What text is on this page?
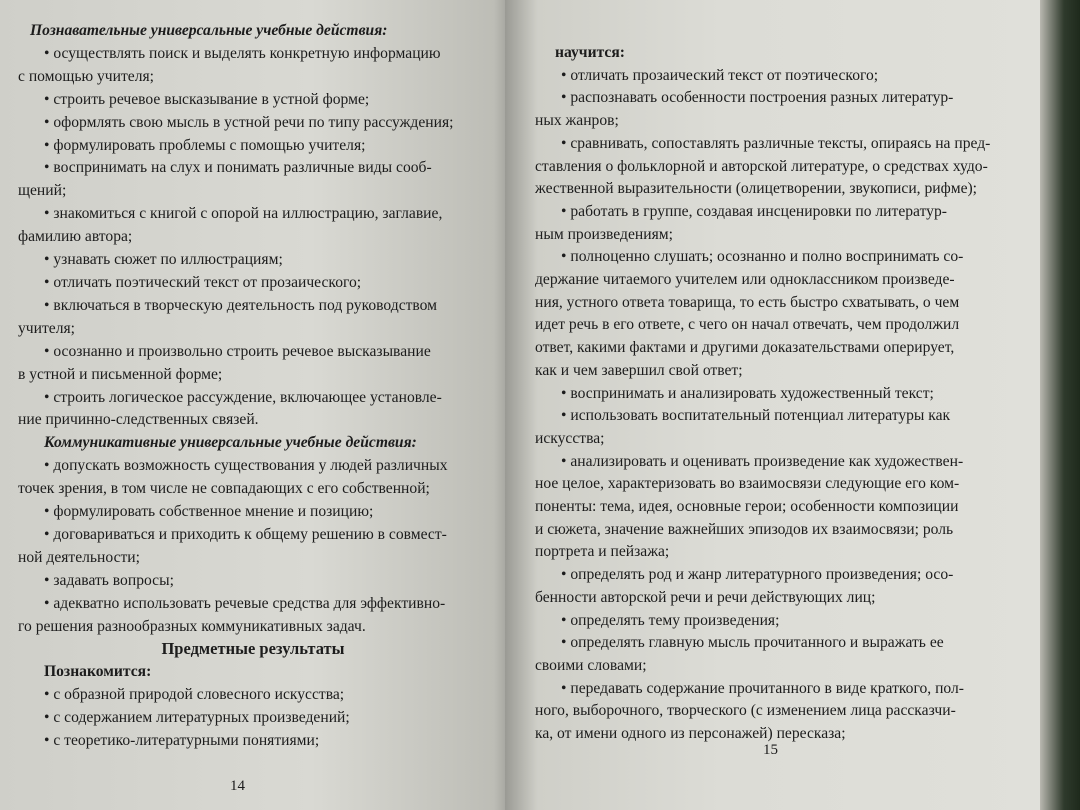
Познавательные универсальные учебные действия:
• осуществлять поиск и выделять конкретную информацию
с помощью учителя;
• строить речевое высказывание в устной форме;
• оформлять свою мысль в устной речи по типу рассуждения;
• формулировать проблемы с помощью учителя;
• воспринимать на слух и понимать различные виды сооб-
щений;
• знакомиться с книгой с опорой на иллюстрацию, заглавие,
фамилию автора;
• узнавать сюжет по иллюстрациям;
• отличать поэтический текст от прозаического;
• включаться в творческую деятельность под руководством
учителя;
• осознанно и произвольно строить речевое высказывание
в устной и письменной форме;
• строить логическое рассуждение, включающее установле-
ние причинно-следственных связей.
Коммуникативные универсальные учебные действия:
• допускать возможность существования у людей различных
точек зрения, в том числе не совпадающих с его собственной;
• формулировать собственное мнение и позицию;
• договариваться и приходить к общему решению в совмест-
ной деятельности;
• задавать вопросы;
• адекватно использовать речевые средства для эффективно-
го решения разнообразных коммуникативных задач.
Предметные результаты
Познакомится:
• с образной природой словесного искусства;
• с содержанием литературных произведений;
• с теоретико-литературными понятиями;
14
научится:
• отличать прозаический текст от поэтического;
• распознавать особенности построения разных литератур-
ных жанров;
• сравнивать, сопоставлять различные тексты, опираясь на пред-
ставления о фольклорной и авторской литературе, о средствах худо-
жественной выразительности (олицетворении, звукописи, рифме);
• работать в группе, создавая инсценировки по литератур-
ным произведениям;
• полноценно слушать; осознанно и полно воспринимать со-
держание читаемого учителем или одноклассником произведе-
ния, устного ответа товарища, то есть быстро схватывать, о чем
идет речь в его ответе, с чего он начал отвечать, чем продолжил
ответ, какими фактами и другими доказательствами оперирует,
как и чем завершил свой ответ;
• воспринимать и анализировать художественный текст;
• использовать воспитательный потенциал литературы как
искусства;
• анализировать и оценивать произведение как художествен-
ное целое, характеризовать во взаимосвязи следующие его ком-
поненты: тема, идея, основные герои; особенности композиции
и сюжета, значение важнейших эпизодов их взаимосвязи; роль
портрета и пейзажа;
• определять род и жанр литературного произведения; осо-
бенности авторской речи и речи действующих лиц;
• определять тему произведения;
• определять главную мысль прочитанного и выражать ее
своими словами;
• передавать содержание прочитанного в виде краткого, пол-
ного, выборочного, творческого (с изменением лица рассказчи-
ка, от имени одного из персонажей) пересказа;
15
